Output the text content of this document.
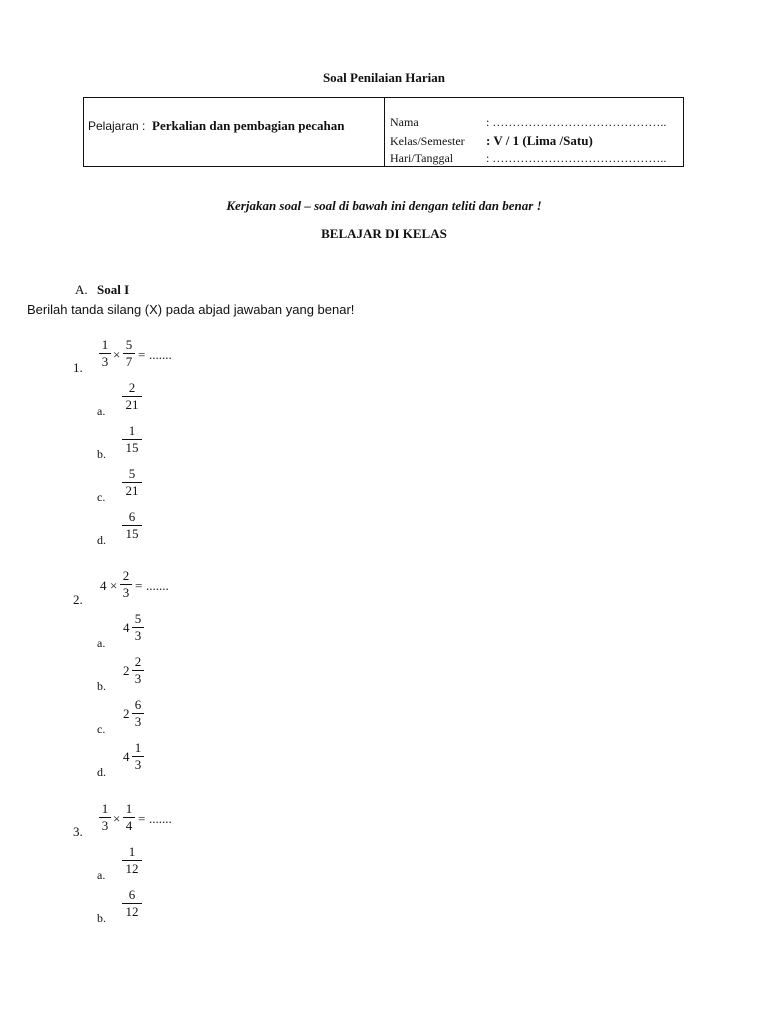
Soal Penilaian Harian
Pelajaran : Perkalian dan pembagian pecahan	Nama	: ……………………………………..
Kelas/Semester : V / 1 (Lima /Satu)
Hari/Tanggal	: ……………………………………..
Kerjakan soal – soal di bawah ini dengan teliti dan benar !
BELAJAR DI KELAS
A. Soal I
Berilah tanda silang (X) pada abjad jawaban yang benar!
1.
1
3 ×
5
7 = .......
a.
2
21
b.
1
15
c.
5
21
d.
6
15
2.
4 ×
2
3 = .......
a.
4
5
3
b.
2
2
3
c.
2
6
3
d.
4
1
3
3.
1
3 ×
1
4 = .......
a.
1
12
b.
6
12
